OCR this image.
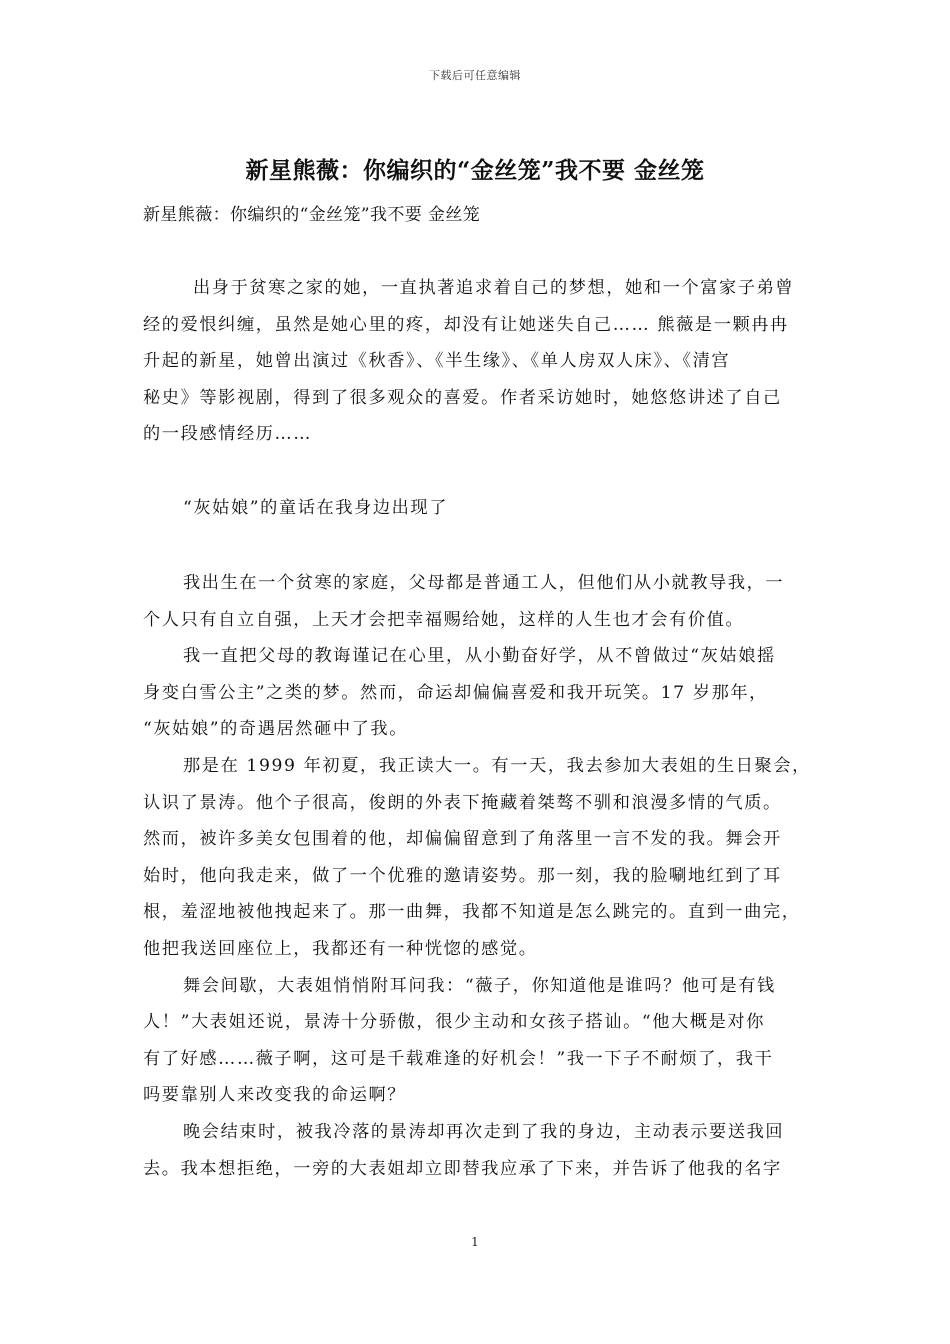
下载后可任意编辑
新星熊薇：你编织的“金丝笼”我不要 金丝笼
新星熊薇：你编织的“金丝笼”我不要 金丝笼
出身于贫寒之家的她，一直执著追求着自己的梦想，她和一个富家子弟曾
经的爱恨纠缠，虽然是她心里的疼，却没有让她迷失自己…… 熊薇是一颗冉冉
升起的新星，她曾出演过《秋香》、《半生缘》、《单人房双人床》、《清宫
秘史》等影视剧，得到了很多观众的喜爱。作者采访她时，她悠悠讲述了自己
的一段感情经历……
“灰姑娘”的童话在我身边出现了
我出生在一个贫寒的家庭，父母都是普通工人，但他们从小就教导我，一
个人只有自立自强，上天才会把幸福赐给她，这样的人生也才会有价值。
我一直把父母的教诲谨记在心里，从小勤奋好学，从不曾做过“灰姑娘摇
身变白雪公主”之类的梦。然而，命运却偏偏喜爱和我开玩笑。17 岁那年，
“灰姑娘”的奇遇居然砸中了我。
那是在 1999 年初夏，我正读大一。有一天，我去参加大表姐的生日聚会，
认识了景涛。他个子很高，俊朗的外表下掩藏着桀骜不驯和浪漫多情的气质。
然而，被许多美女包围着的他，却偏偏留意到了角落里一言不发的我。舞会开
始时，他向我走来，做了一个优雅的邀请姿势。那一刻，我的脸唰地红到了耳
根，羞涩地被他拽起来了。那一曲舞，我都不知道是怎么跳完的。直到一曲完，
他把我送回座位上，我都还有一种恍惚的感觉。
舞会间歇，大表姐悄悄附耳问我：“薇子，你知道他是谁吗？他可是有钱
人！”大表姐还说，景涛十分骄傲，很少主动和女孩子搭讪。“他大概是对你
有了好感……薇子啊，这可是千载难逢的好机会！”我一下子不耐烦了，我干
吗要靠别人来改变我的命运啊？
晚会结束时，被我冷落的景涛却再次走到了我的身边，主动表示要送我回
去。我本想拒绝，一旁的大表姐却立即替我应承了下来，并告诉了他我的名字
1
